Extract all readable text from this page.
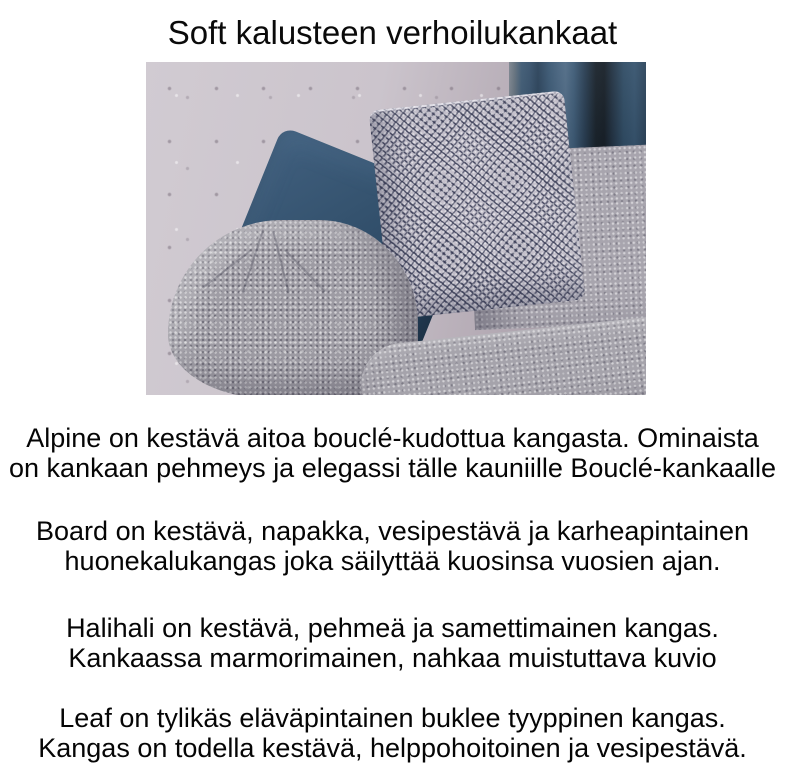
Soft kalusteen verhoilukankaat

Alpine on kestävä aitoa bouclé-kudottua kangasta. Ominaista
on kankaan pehmeys ja elegassi tälle kauniille Bouclé-kankaalle

Board on kestävä, napakka, vesipestävä ja karheapintainen
huonekalukangas joka säilyttää kuosinsa vuosien ajan.

Halihali on kestävä, pehmeä ja samettimainen kangas.
Kankaassa marmorimainen, nahkaa muistuttava kuvio

Leaf on tylikäs eläväpintainen buklee tyyppinen kangas.
Kangas on todella kestävä, helppohoitoinen ja vesipestävä.
